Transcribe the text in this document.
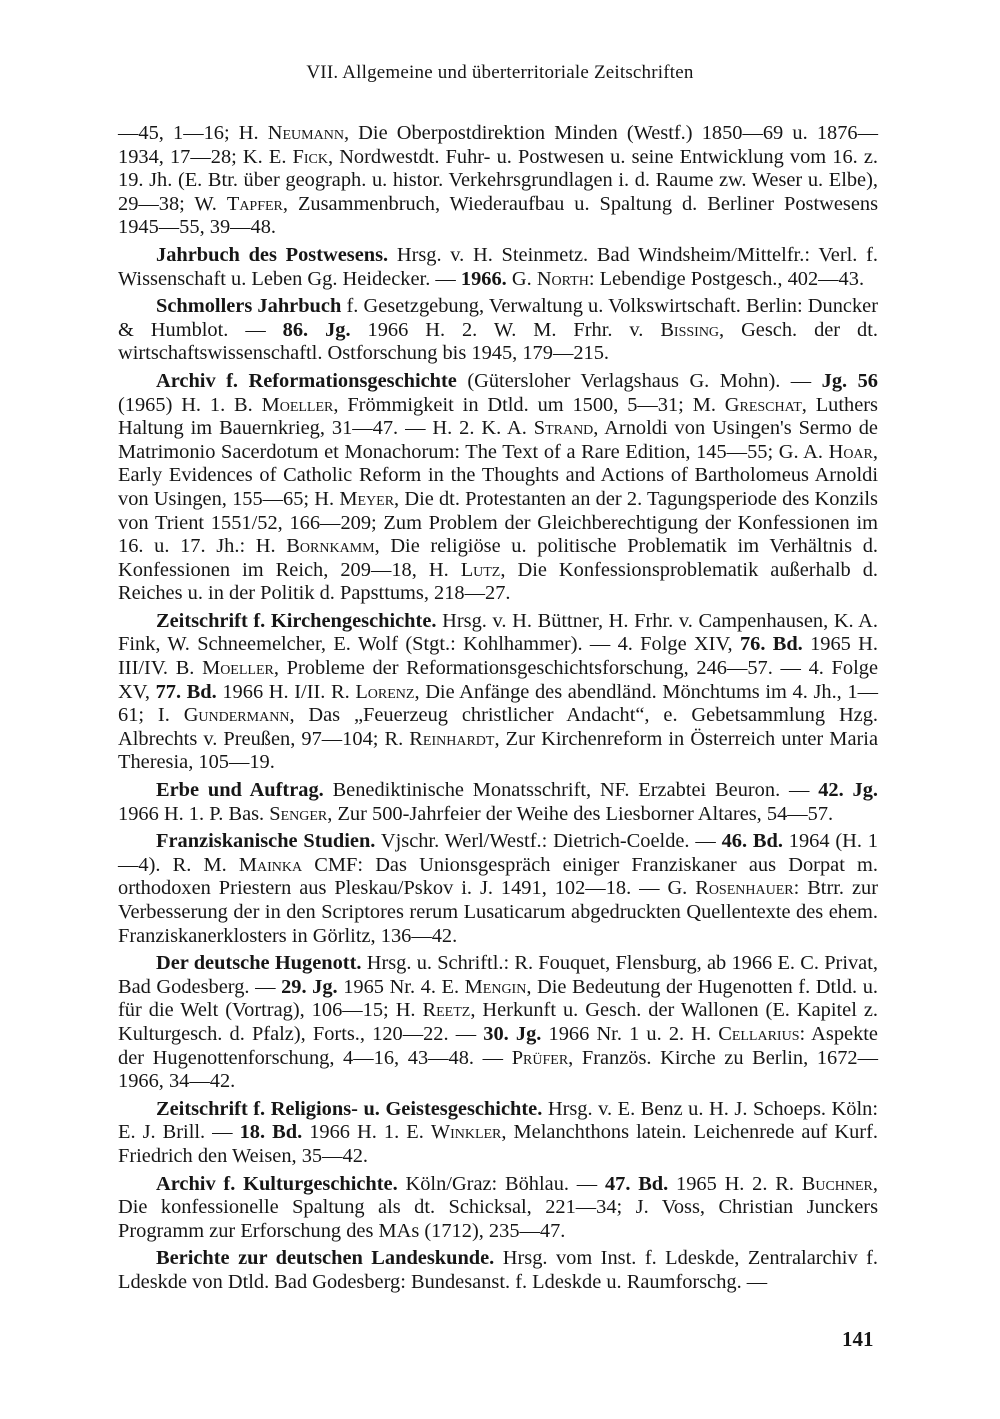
VII. Allgemeine und überterritoriale Zeitschriften

—45, 1—16; H. Neumann, Die Oberpostdirektion Minden (Westf.) 1850—69 u. 1876—1934, 17—28; K. E. Fick, Nordwestdt. Fuhr- u. Postwesen u. seine Entwicklung vom 16. z. 19. Jh. (E. Btr. über geograph. u. histor. Verkehrsgrundlagen i. d. Raume zw. Weser u. Elbe), 29—38; W. Tapfer, Zusammenbruch, Wiederaufbau u. Spaltung d. Berliner Postwesens 1945—55, 39—48.

Jahrbuch des Postwesens. Hrsg. v. H. Steinmetz. Bad Windsheim/Mittelfr.: Verl. f. Wissenschaft u. Leben Gg. Heidecker. — 1966. G. North: Lebendige Postgesch., 402—43.

Schmollers Jahrbuch f. Gesetzgebung, Verwaltung u. Volkswirtschaft. Berlin: Duncker & Humblot. — 86. Jg. 1966 H. 2. W. M. Frhr. v. Bissing, Gesch. der dt. wirtschaftswissenschaftl. Ostforschung bis 1945, 179—215.

Archiv f. Reformationsgeschichte (Gütersloher Verlagshaus G. Mohn). — Jg. 56 (1965) H. 1. B. Moeller, Frömmigkeit in Dtld. um 1500, 5—31; M. Greschat, Luthers Haltung im Bauernkrieg, 31—47. — H. 2. K. A. Strand, Arnoldi von Usingen's Sermo de Matrimonio Sacerdotum et Monachorum: The Text of a Rare Edition, 145—55; G. A. Hoar, Early Evidences of Catholic Reform in the Thoughts and Actions of Bartholomeus Arnoldi von Usingen, 155—65; H. Meyer, Die dt. Protestanten an der 2. Tagungsperiode des Konzils von Trient 1551/52, 166—209; Zum Problem der Gleichberechtigung der Konfessionen im 16. u. 17. Jh.: H. Bornkamm, Die religiöse u. politische Problematik im Verhältnis d. Konfessionen im Reich, 209—18, H. Lutz, Die Konfessionsproblematik außerhalb d. Reiches u. in der Politik d. Papsttums, 218—27.

Zeitschrift f. Kirchengeschichte. Hrsg. v. H. Büttner, H. Frhr. v. Campenhausen, K. A. Fink, W. Schneemelcher, E. Wolf (Stgt.: Kohlhammer). — 4. Folge XIV, 76. Bd. 1965 H. III/IV. B. Moeller, Probleme der Reformationsgeschichtsforschung, 246—57. — 4. Folge XV, 77. Bd. 1966 H. I/II. R. Lorenz, Die Anfänge des abendländ. Mönchtums im 4. Jh., 1—61; I. Gundermann, Das „Feuerzeug christlicher Andacht“, e. Gebetsammlung Hzg. Albrechts v. Preußen, 97—104; R. Reinhardt, Zur Kirchenreform in Österreich unter Maria Theresia, 105—19.

Erbe und Auftrag. Benediktinische Monatsschrift, NF. Erzabtei Beuron. — 42. Jg. 1966 H. 1. P. Bas. Senger, Zur 500-Jahrfeier der Weihe des Liesborner Altares, 54—57.

Franziskanische Studien. Vjschr. Werl/Westf.: Dietrich-Coelde. — 46. Bd. 1964 (H. 1—4). R. M. Mainka CMF: Das Unionsgespräch einiger Franziskaner aus Dorpat m. orthodoxen Priestern aus Pleskau/Pskov i. J. 1491, 102—18. — G. Rosenhauer: Btrr. zur Verbesserung der in den Scriptores rerum Lusaticarum abgedruckten Quellentexte des ehem. Franziskanerklosters in Görlitz, 136—42.

Der deutsche Hugenott. Hrsg. u. Schriftl.: R. Fouquet, Flensburg, ab 1966 E. C. Privat, Bad Godesberg. — 29. Jg. 1965 Nr. 4. E. Mengin, Die Bedeutung der Hugenotten f. Dtld. u. für die Welt (Vortrag), 106—15; H. Reetz, Herkunft u. Gesch. der Wallonen (E. Kapitel z. Kulturgesch. d. Pfalz), Forts., 120—22. — 30. Jg. 1966 Nr. 1 u. 2. H. Cellarius: Aspekte der Hugenottenforschung, 4—16, 43—48. — Prüfer, Französ. Kirche zu Berlin, 1672—1966, 34—42.

Zeitschrift f. Religions- u. Geistesgeschichte. Hrsg. v. E. Benz u. H. J. Schoeps. Köln: E. J. Brill. — 18. Bd. 1966 H. 1. E. Winkler, Melanchthons latein. Leichenrede auf Kurf. Friedrich den Weisen, 35—42.

Archiv f. Kulturgeschichte. Köln/Graz: Böhlau. — 47. Bd. 1965 H. 2. R. Buchner, Die konfessionelle Spaltung als dt. Schicksal, 221—34; J. Voss, Christian Junckers Programm zur Erforschung des MAs (1712), 235—47.

Berichte zur deutschen Landeskunde. Hrsg. vom Inst. f. Ldeskde, Zentralarchiv f. Ldeskde von Dtld. Bad Godesberg: Bundesanst. f. Ldeskde u. Raumforschg. —

141
